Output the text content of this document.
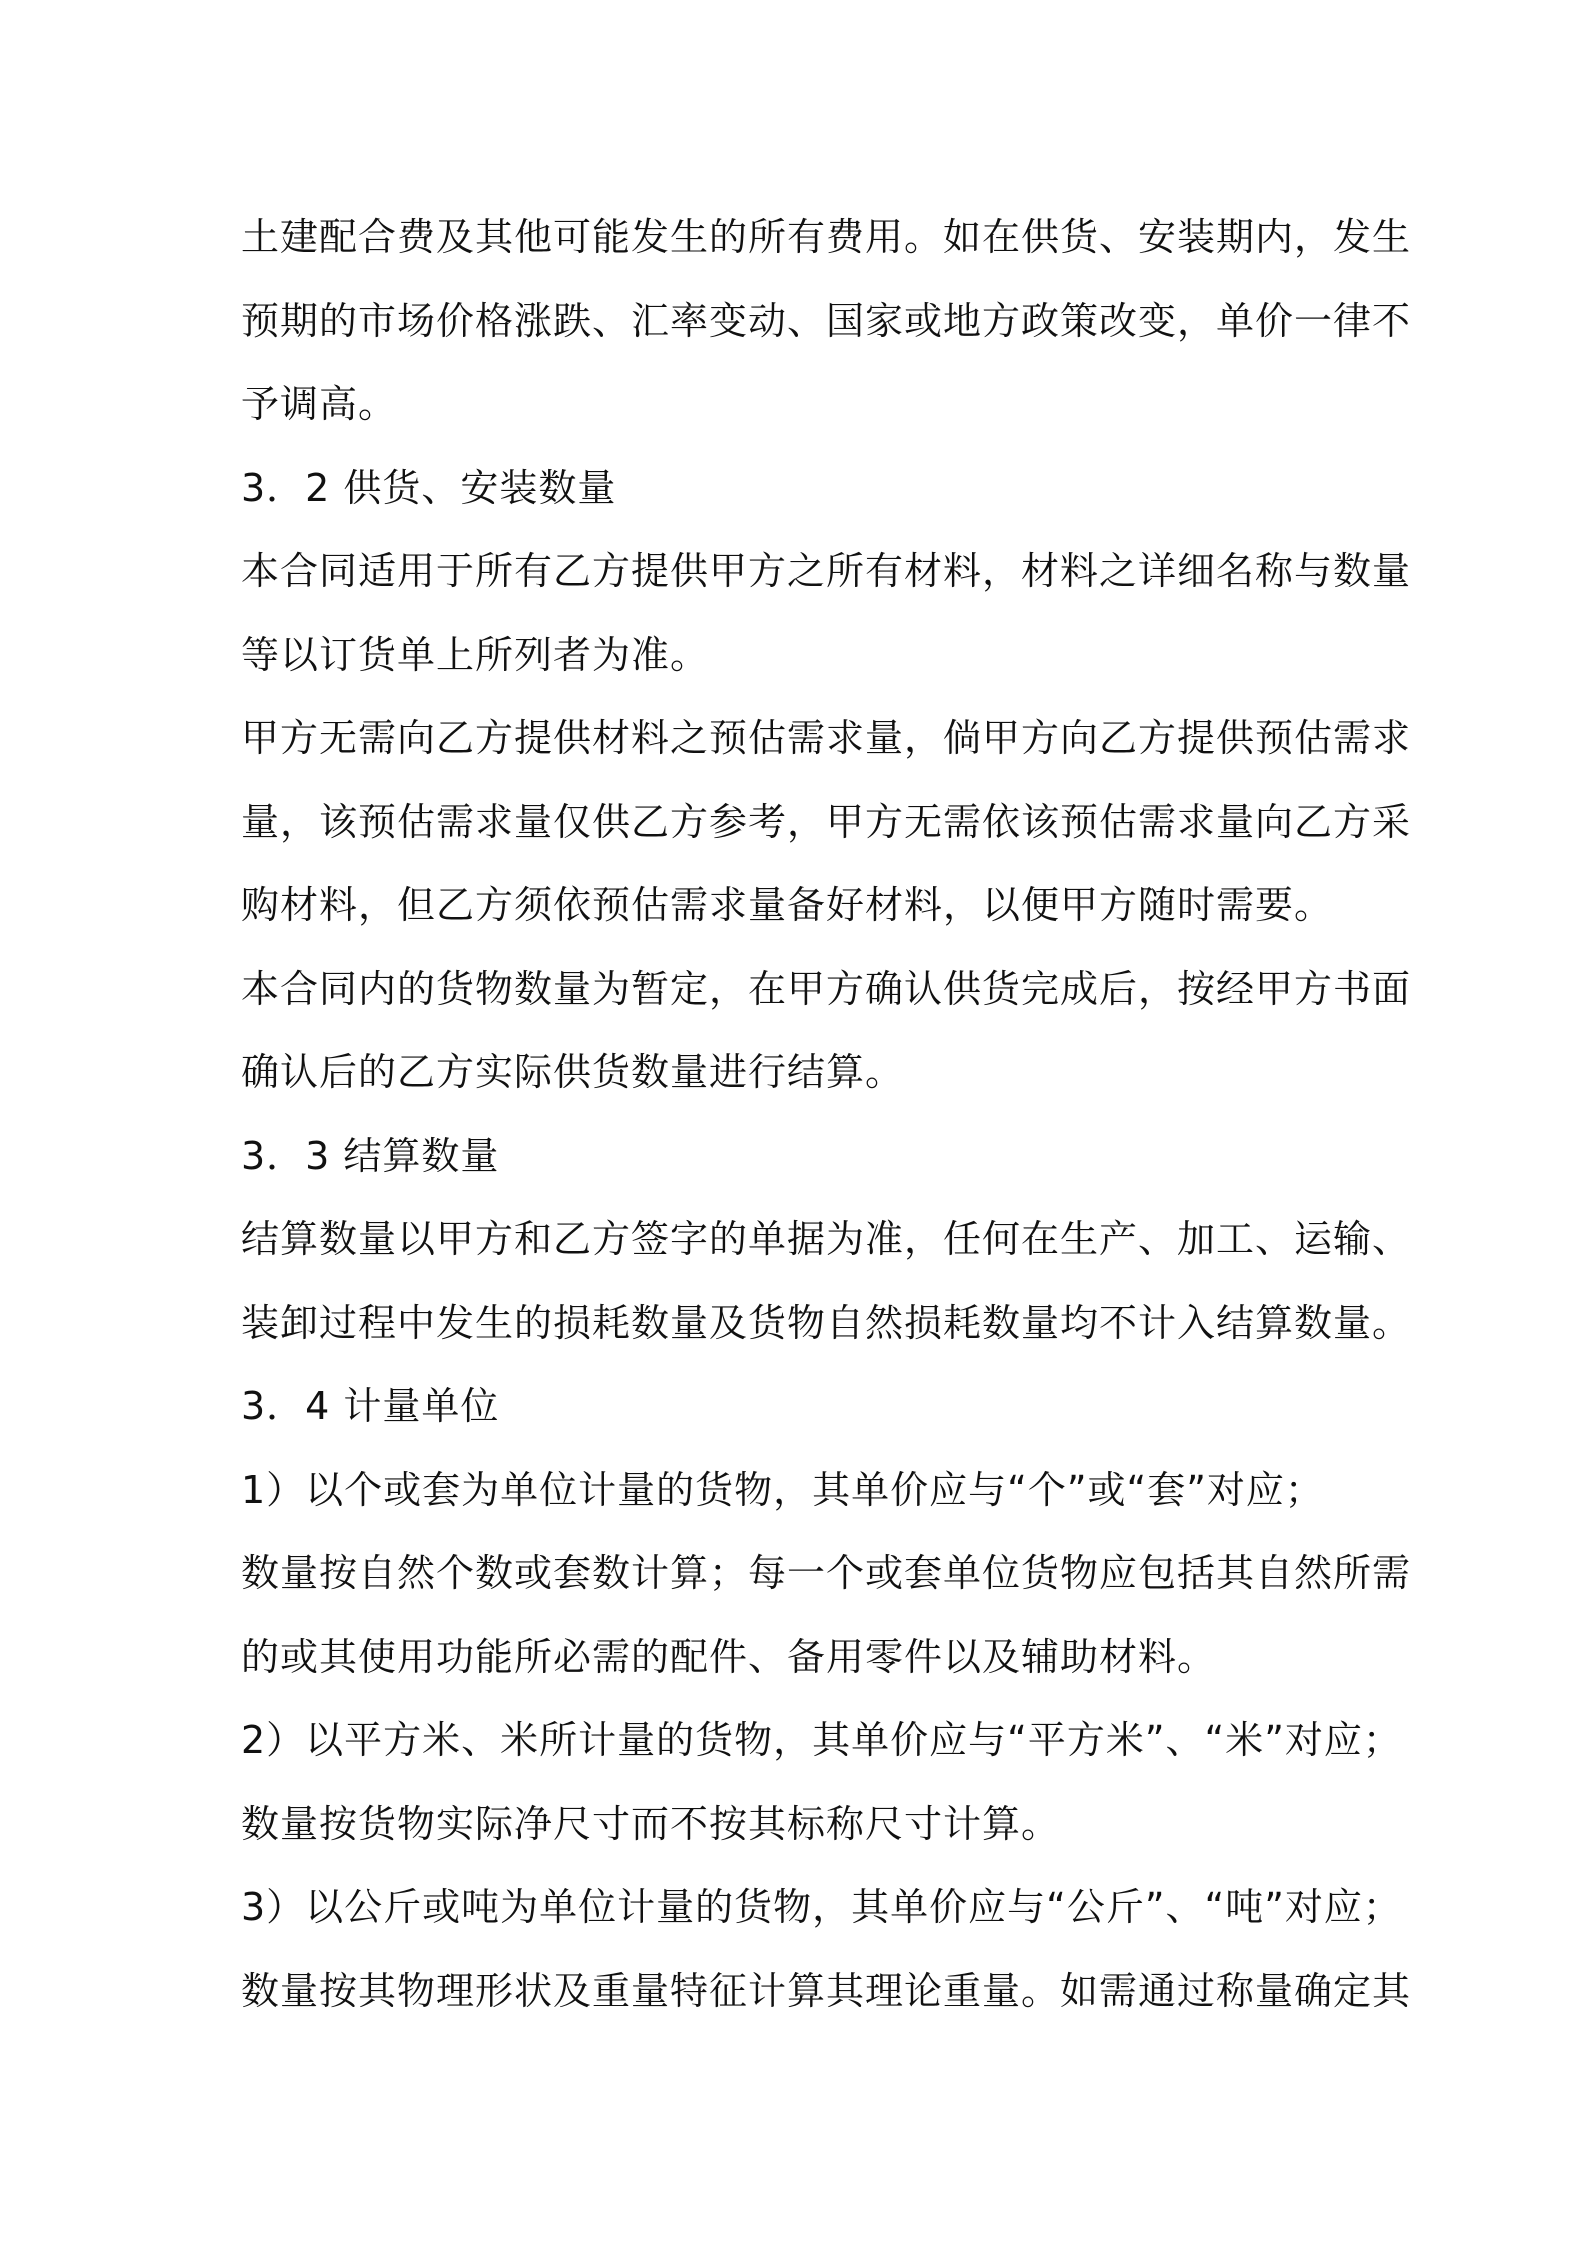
土建配合费及其他可能发生的所有费用。如在供货、安装期内，发生
预期的市场价格涨跌、汇率变动、国家或地方政策改变，单价一律不
予调高。
3．2 供货、安装数量
本合同适用于所有乙方提供甲方之所有材料，材料之详细名称与数量
等以订货单上所列者为准。
甲方无需向乙方提供材料之预估需求量，倘甲方向乙方提供预估需求
量，该预估需求量仅供乙方参考，甲方无需依该预估需求量向乙方采
购材料，但乙方须依预估需求量备好材料，以便甲方随时需要。
本合同内的货物数量为暂定，在甲方确认供货完成后，按经甲方书面
确认后的乙方实际供货数量进行结算。
3．3 结算数量
结算数量以甲方和乙方签字的单据为准，任何在生产、加工、运输、
装卸过程中发生的损耗数量及货物自然损耗数量均不计入结算数量。
3．4 计量单位
1）以个或套为单位计量的货物，其单价应与“个”或“套”对应；
数量按自然个数或套数计算；每一个或套单位货物应包括其自然所需
的或其使用功能所必需的配件、备用零件以及辅助材料。
2）以平方米、米所计量的货物，其单价应与“平方米”、“米”对应；
数量按货物实际净尺寸而不按其标称尺寸计算。
3）以公斤或吨为单位计量的货物，其单价应与“公斤”、“吨”对应；
数量按其物理形状及重量特征计算其理论重量。如需通过称量确定其
